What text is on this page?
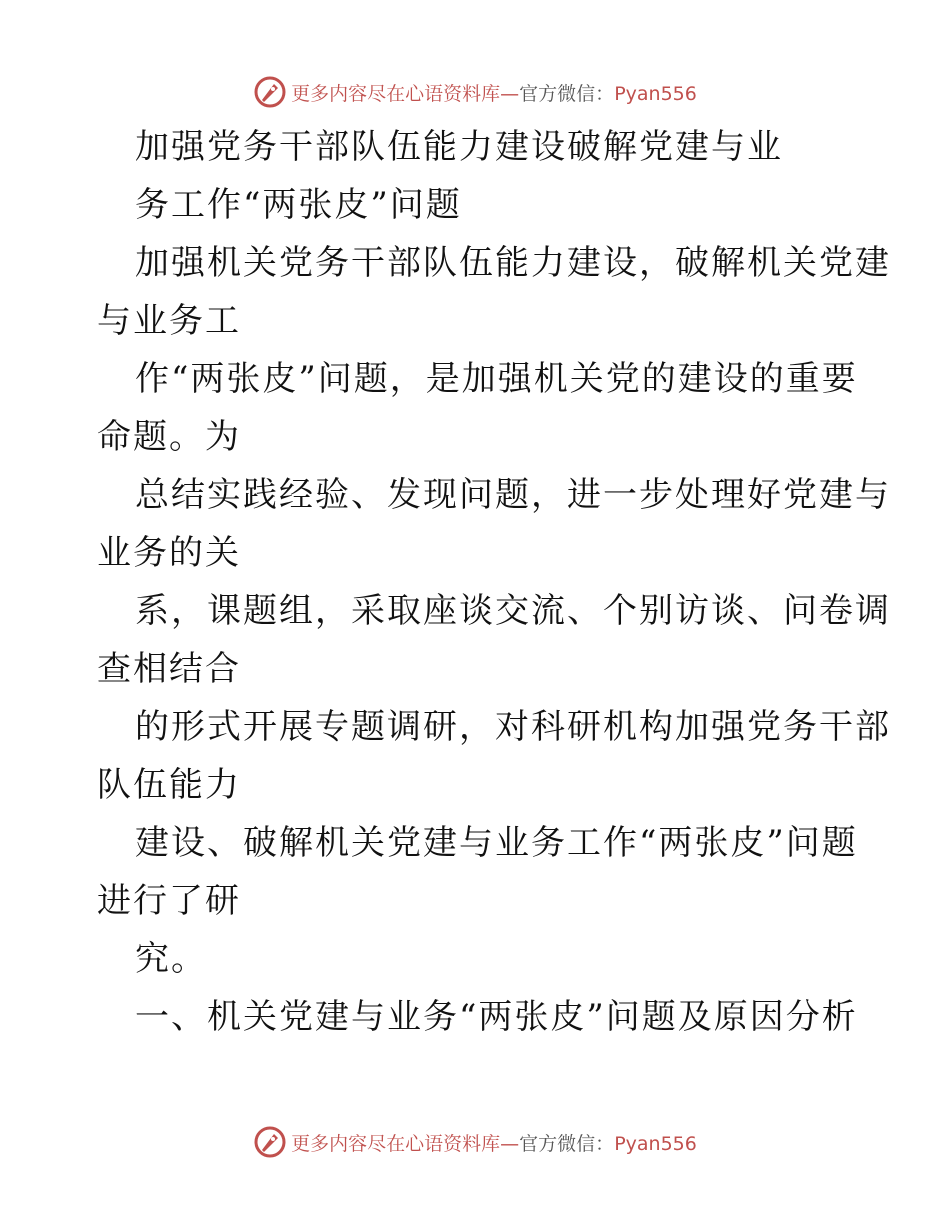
更多内容尽在心语资料库—官方微信：Pyan556
加强党务干部队伍能力建设破解党建与业
务工作“两张皮”问题
加强机关党务干部队伍能力建设，破解机关党建
与业务工
作“两张皮”问题，是加强机关党的建设的重要
命题。为
总结实践经验、发现问题，进一步处理好党建与
业务的关
系，课题组，采取座谈交流、个别访谈、问卷调
查相结合
的形式开展专题调研，对科研机构加强党务干部
队伍能力
建设、破解机关党建与业务工作“两张皮”问题
进行了研
究。
一、机关党建与业务“两张皮”问题及原因分析
更多内容尽在心语资料库—官方微信：Pyan556
